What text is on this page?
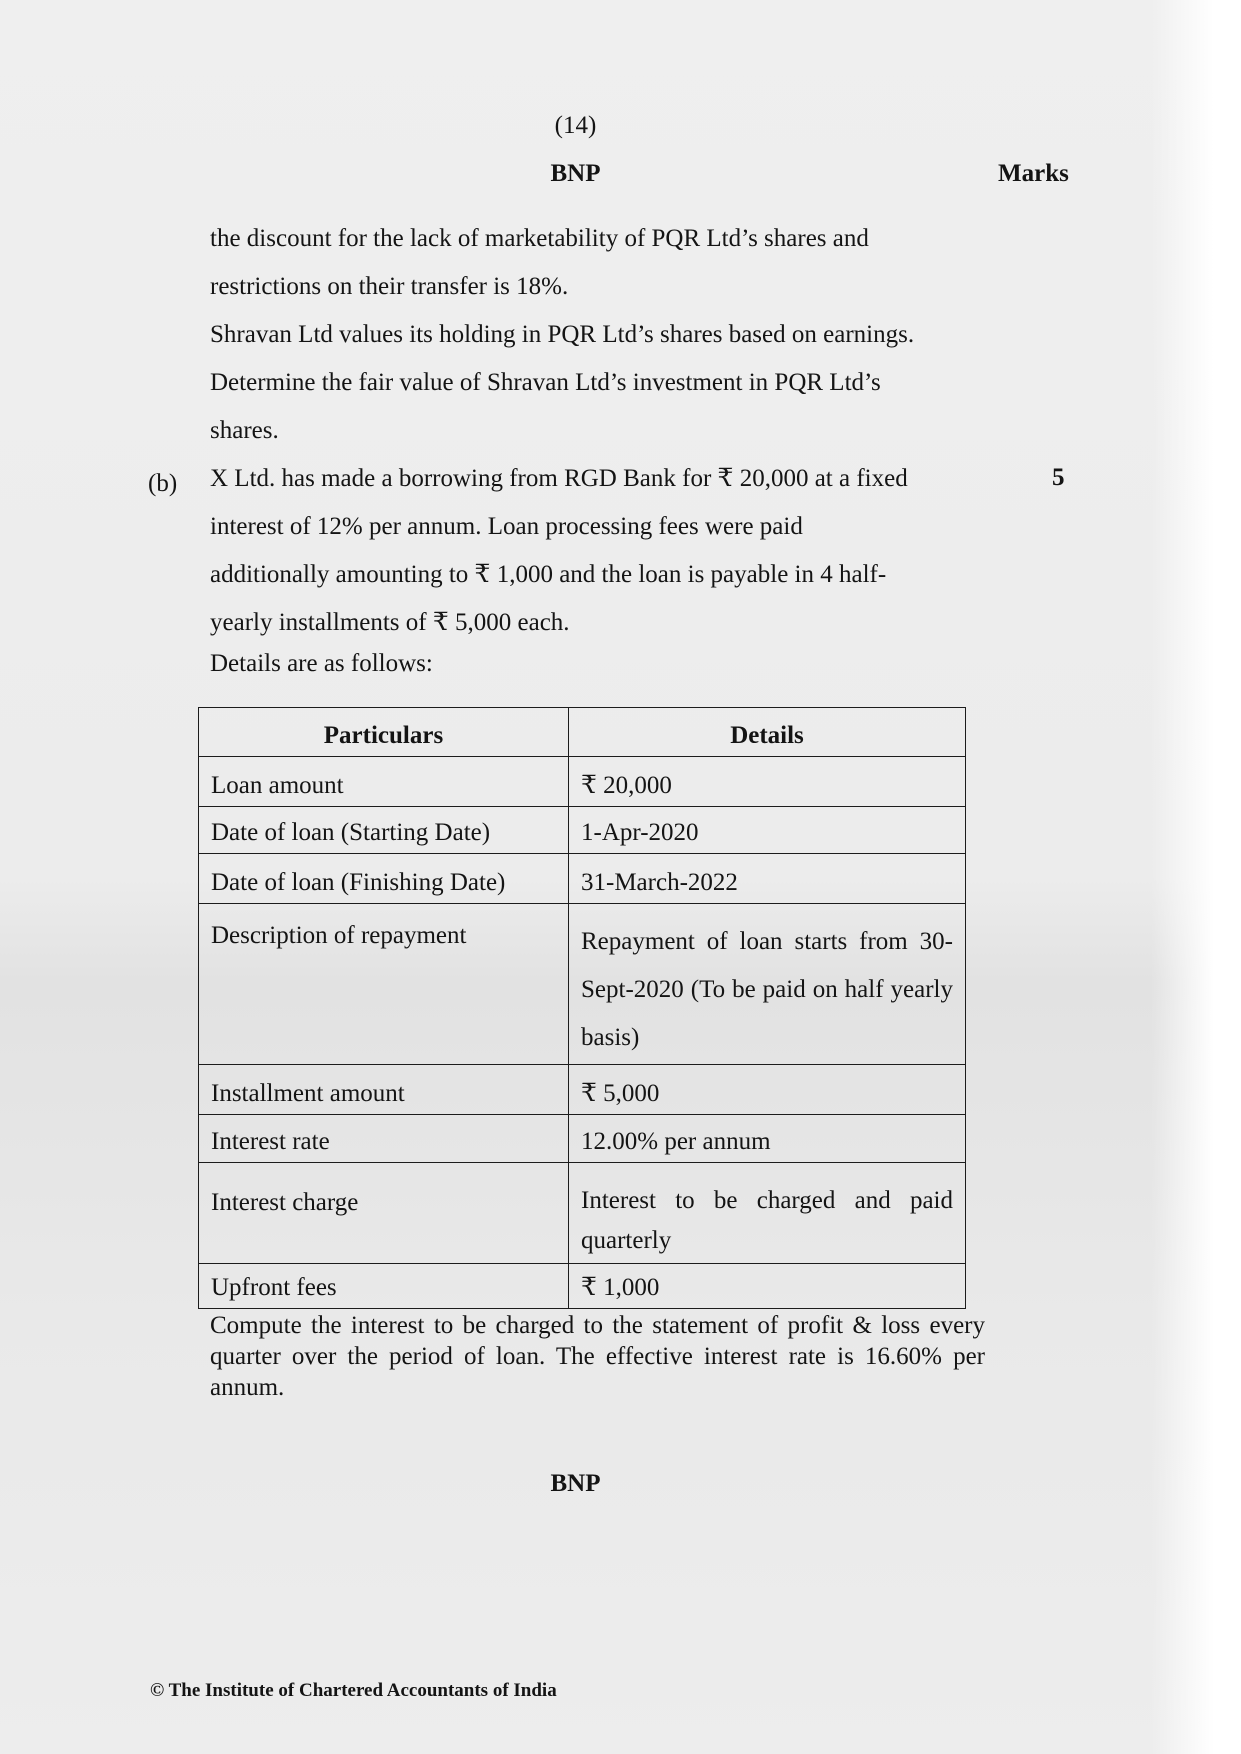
(14)
BNP	Marks

the discount for the lack of marketability of PQR Ltd’s shares and

restrictions on their transfer is 18%.

Shravan Ltd values its holding in PQR Ltd’s shares based on earnings.

Determine the fair value of Shravan Ltd’s investment in PQR Ltd’s

shares.

(b)	5

X Ltd. has made a borrowing from RGD Bank for ₹ 20,000 at a fixed

interest of 12% per annum. Loan processing fees were paid

additionally amounting to ₹ 1,000 and the loan is payable in 4 half-

yearly installments of ₹ 5,000 each.

Details are as follows:
Particulars	Details
Loan amount	₹ 20,000
Date of loan (Starting Date)	1-Apr-2020
Date of loan (Finishing Date)	31-March-2022
Description of repayment	Repayment of loan starts from 30-Sept-2020 (To be paid on half yearly basis)
Installment amount	₹ 5,000
Interest rate	12.00% per annum
Interest charge	Interest to be charged and paid quarterly
Upfront fees	₹ 1,000

Compute the interest to be charged to the statement of profit & loss every quarter over the period of loan. The effective interest rate is 16.60% per annum.

BNP
© The Institute of Chartered Accountants of India
